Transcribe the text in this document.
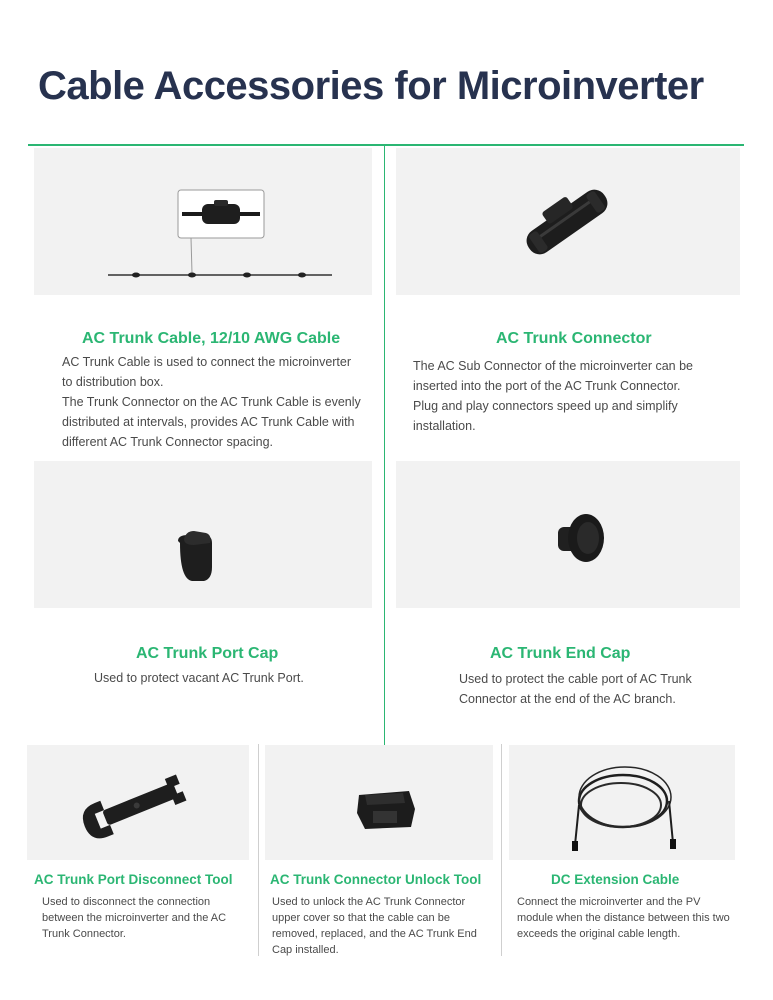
Cable Accessories for Microinverter
AC Trunk Cable, 12/10 AWG Cable

AC Trunk Cable is used to connect the microinverter to distribution box.

The Trunk Connector on the AC Trunk Cable is evenly distributed at intervals, provides AC Trunk Cable with different AC Trunk Connector spacing.

AC Trunk Connector

The AC Sub Connector of the microinverter can be inserted into the port of the AC Trunk Connector.

Plug and play connectors speed up and simplify installation.

AC Trunk Port Cap

Used to protect vacant AC Trunk Port.

AC Trunk End Cap

Used to protect the cable port of AC Trunk Connector at the end of the AC branch.

AC Trunk Port Disconnect Tool

Used to disconnect the connection between the microinverter and the AC Trunk Connector.

AC Trunk Connector Unlock Tool

Used to unlock the AC Trunk Connector upper cover so that the cable can be removed, replaced, and the AC Trunk End Cap installed.

DC Extension Cable

Connect the microinverter and the PV module when the distance between this two exceeds the original cable length.
